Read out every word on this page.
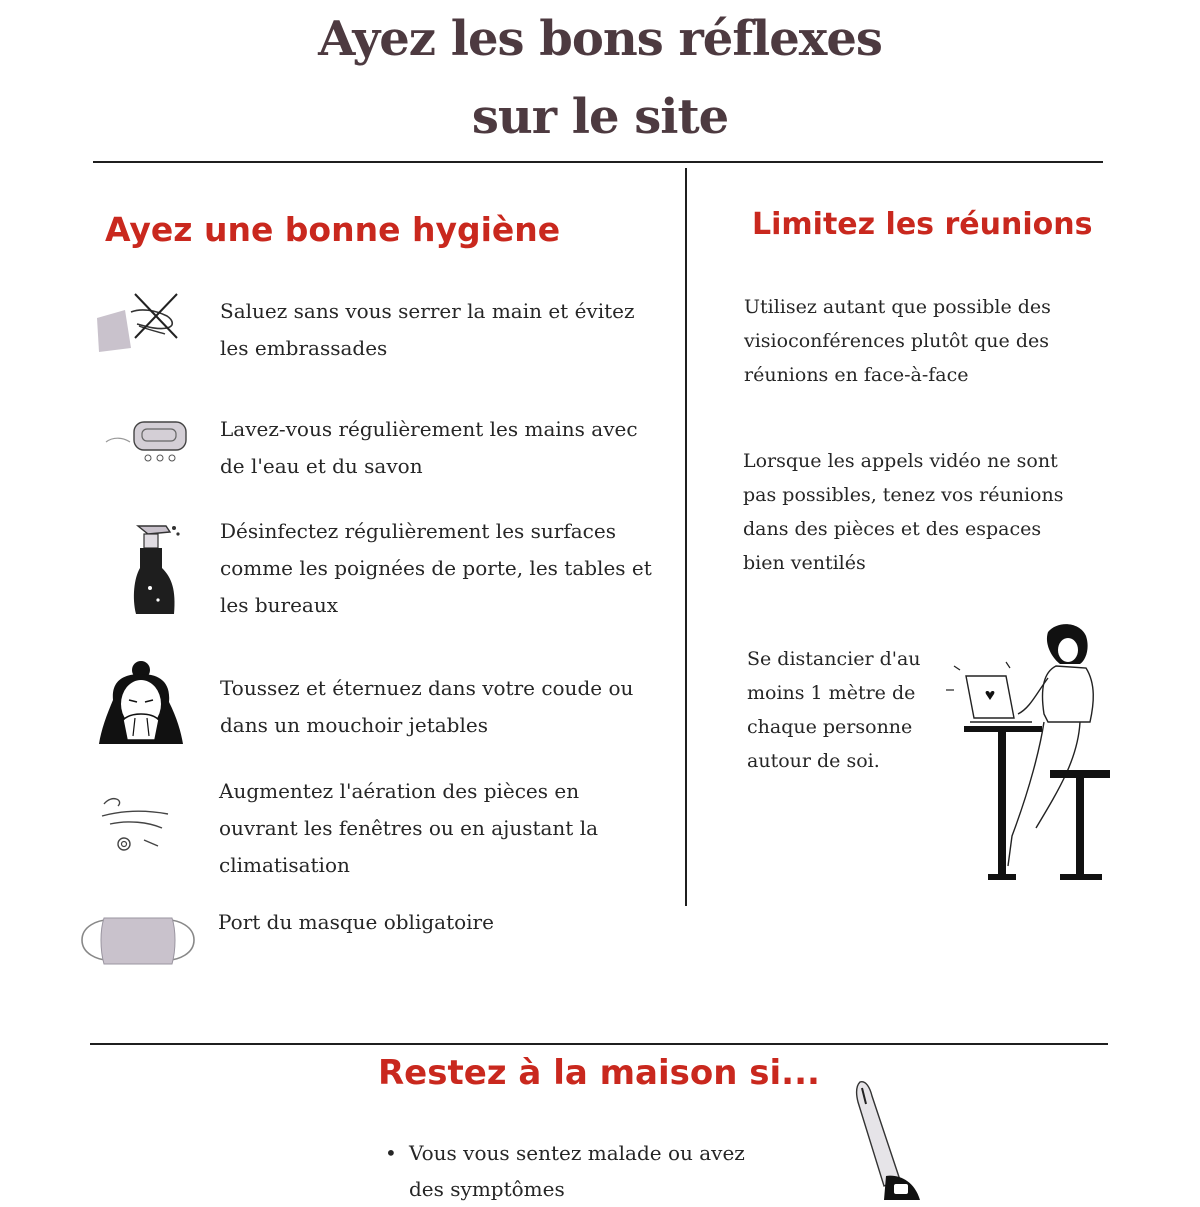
Ayez les bons réflexes
sur le site
Ayez une bonne hygiène
Saluez sans vous serrer la main et évitez les embrassades
Lavez-vous régulièrement les mains avec de l'eau et du savon
Désinfectez régulièrement les surfaces comme les poignées de porte, les tables et les bureaux
Toussez et éternuez dans votre coude ou dans un mouchoir jetables
Augmentez l'aération des pièces en ouvrant les fenêtres ou en ajustant la climatisation
Port du masque obligatoire
Limitez les réunions
Utilisez autant que possible des visioconférences plutôt que des réunions en face-à-face
Lorsque les appels vidéo ne sont pas possibles, tenez vos réunions dans des pièces et des espaces bien ventilés
Se distancier d'au moins 1 mètre de chaque personne autour de soi.
Restez à la maison si...
• Vous vous sentez malade ou avez des symptômes
